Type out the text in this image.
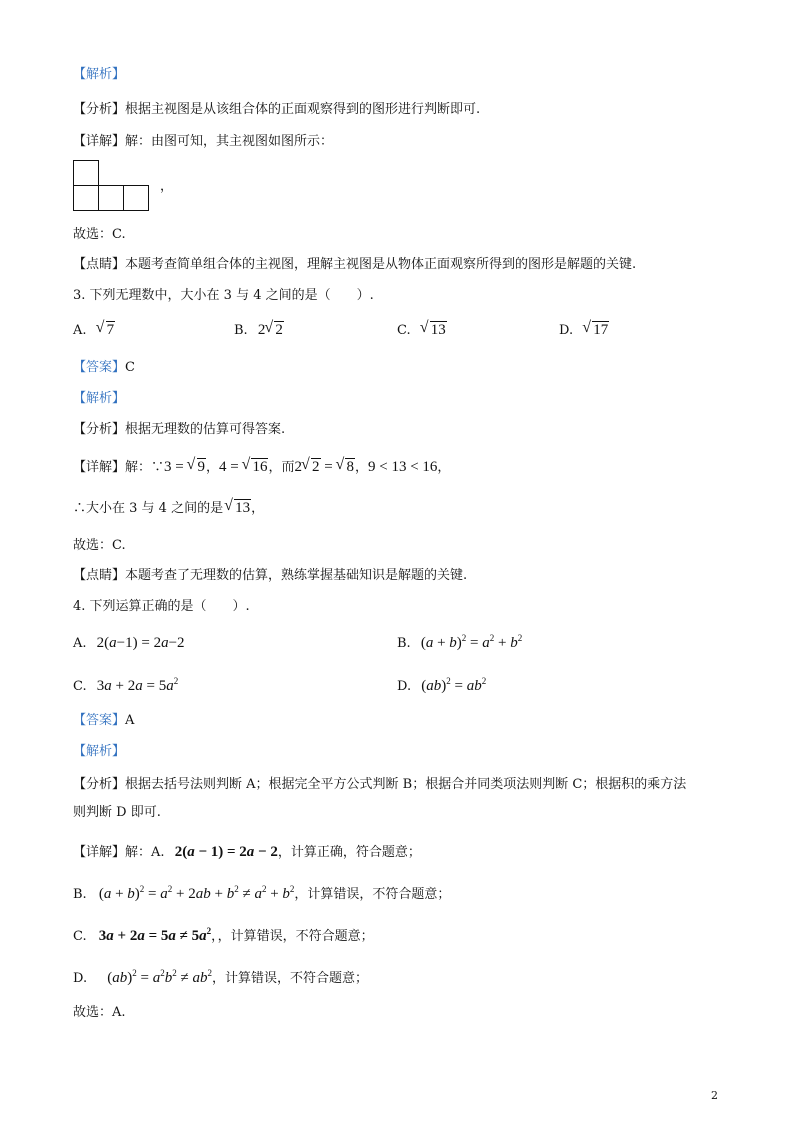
【解析】
【分析】根据主视图是从该组合体的正面观察得到的图形进行判断即可.
【详解】解：由图可知，其主视图如图所示：
，
故选：C.
【点睛】本题考查简单组合体的主视图，理解主视图是从物体正面观察所得到的图形是解题的关键.
3. 下列无理数中，大小在 3 与 4 之间的是（　　）.
A. √ 7	B. 2 √ 2	C. √ 13	D. √ 17
【答案】C
【解析】
【分析】根据无理数的估算可得答案.
【详解】解：∵3 = √ 9，4 = √ 16，而2 √ 2 = √ 8，9 < 13 < 16，
∴大小在 3 与 4 之间的是 √ 13，
故选：C.
【点睛】本题考查了无理数的估算，熟练掌握基础知识是解题的关键.
4. 下列运算正确的是（　　）.
A. 2(a−1) = 2a−2	B. $(a + b)^2 = a^2 + b^2$
C. $3a + 2a = 5a^2$	D. $(ab)^2 = ab^2$
【答案】A
【解析】
【分析】根据去括号法则判断 A；根据完全平方公式判断 B；根据合并同类项法则判断 C；根据积的乘方法
则判断 D 即可.
【详解】解：A. 2(a − 1) = 2a − 2，计算正确，符合题意；
B. $(a + b)^2 = a^2 + 2ab + b^2 \ne a^2 + b^2$，计算错误，不符合题意；
C. $3a + 2a = 5a \ne 5a^2$，，计算错误，不符合题意；
D. $(ab)^2 = a^2b^2 \ne ab^2$，计算错误，不符合题意；
故选：A.
2
